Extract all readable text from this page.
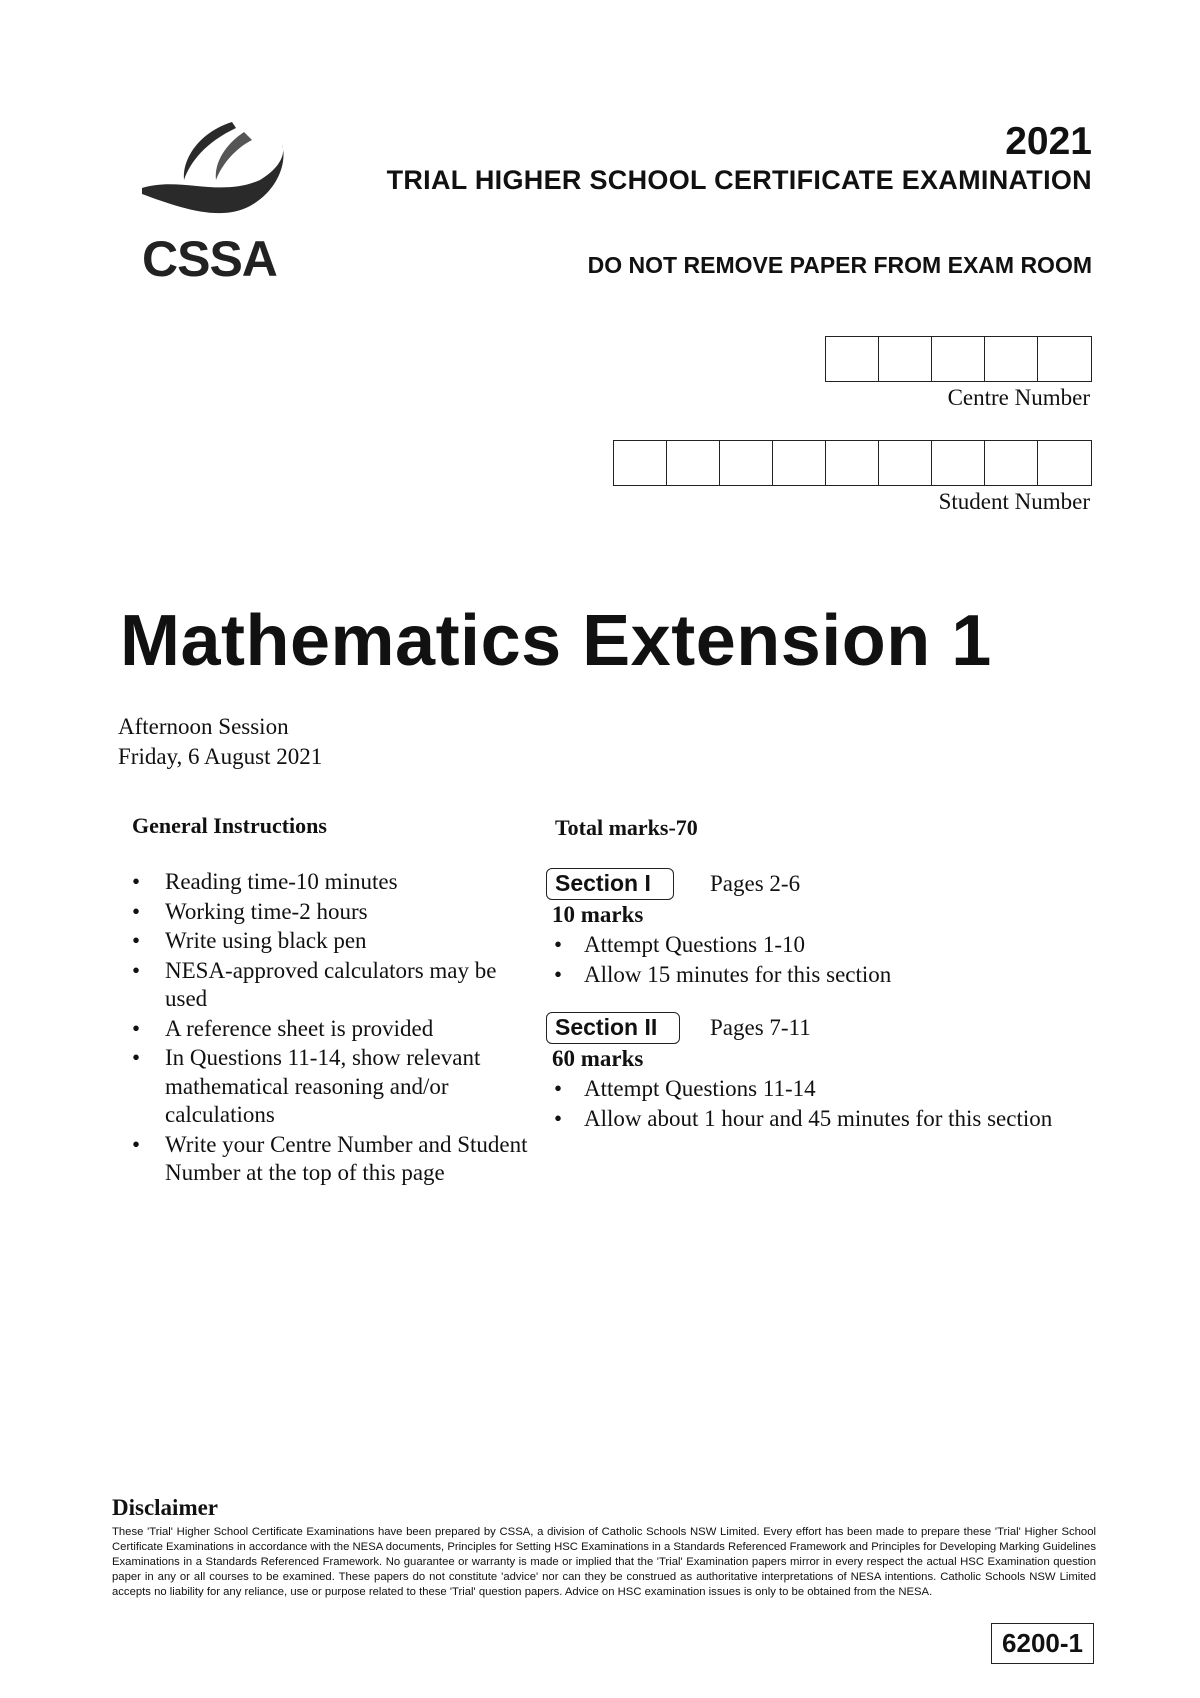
CSSA
2021
TRIAL HIGHER SCHOOL CERTIFICATE EXAMINATION
DO NOT REMOVE PAPER FROM EXAM ROOM
Centre Number
Student Number
Mathematics Extension 1
Afternoon Session
Friday, 6 August 2021
General Instructions
• Reading time-10 minutes
• Working time-2 hours
• Write using black pen
• NESA-approved calculators may be used
• A reference sheet is provided
• In Questions 11-14, show relevant mathematical reasoning and/or calculations
• Write your Centre Number and Student Number at the top of this page
Total marks-70
Section I	Pages 2-6
10 marks
• Attempt Questions 1-10
• Allow 15 minutes for this section
Section II	Pages 7-11
60 marks
• Attempt Questions 11-14
• Allow about 1 hour and 45 minutes for this section
Disclaimer
These 'Trial' Higher School Certificate Examinations have been prepared by CSSA, a division of Catholic Schools NSW Limited. Every effort has been made to prepare these 'Trial' Higher School Certificate Examinations in accordance with the NESA documents, Principles for Setting HSC Examinations in a Standards Referenced Framework and Principles for Developing Marking Guidelines Examinations in a Standards Referenced Framework. No guarantee or warranty is made or implied that the 'Trial' Examination papers mirror in every respect the actual HSC Examination question paper in any or all courses to be examined. These papers do not constitute 'advice' nor can they be construed as authoritative interpretations of NESA intentions. Catholic Schools NSW Limited accepts no liability for any reliance, use or purpose related to these 'Trial' question papers. Advice on HSC examination issues is only to be obtained from the NESA.
6200-1
